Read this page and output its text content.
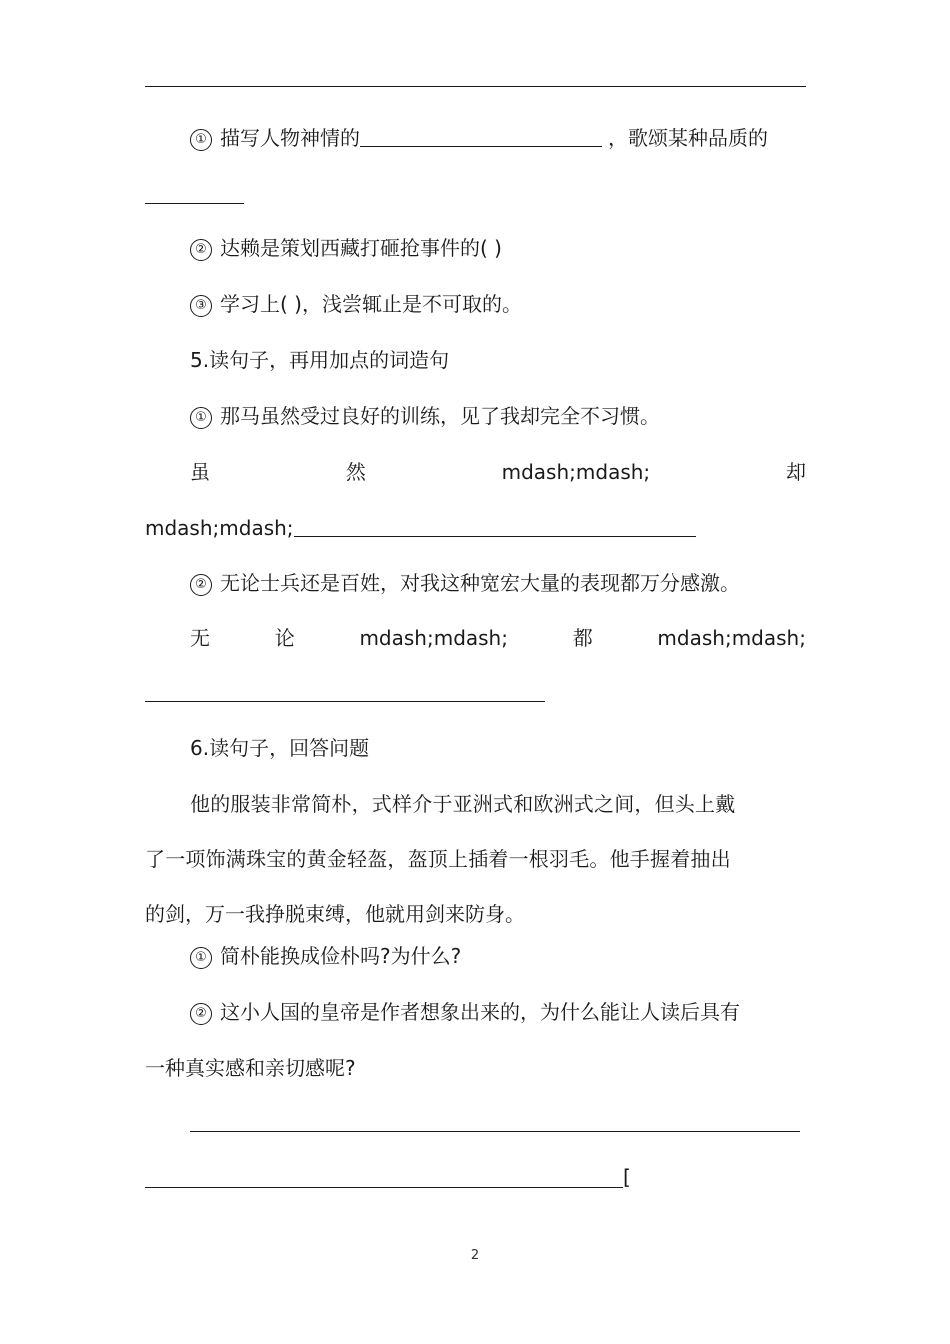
① 描写人物神情的	，歌颂某种品质的
② 达赖是策划西藏打砸抢事件的( )
③ 学习上( )，浅尝辄止是不可取的。
5.读句子，再用加点的词造句
① 那马虽然受过良好的训练，见了我却完全不习惯。
虽	然	mdash;mdash;	却
mdash;mdash;
② 无论士兵还是百姓，对我这种宽宏大量的表现都万分感激。
无	论	mdash;mdash;	都	mdash;mdash;
6.读句子，回答问题
他的服装非常简朴，式样介于亚洲式和欧洲式之间，但头上戴
了一项饰满珠宝的黄金轻盔，盔顶上插着一根羽毛。他手握着抽出
的剑，万一我挣脱束缚，他就用剑来防身。
① 简朴能换成俭朴吗?为什么?
② 这小人国的皇帝是作者想象出来的，为什么能让人读后具有
一种真实感和亲切感呢?
[
2
